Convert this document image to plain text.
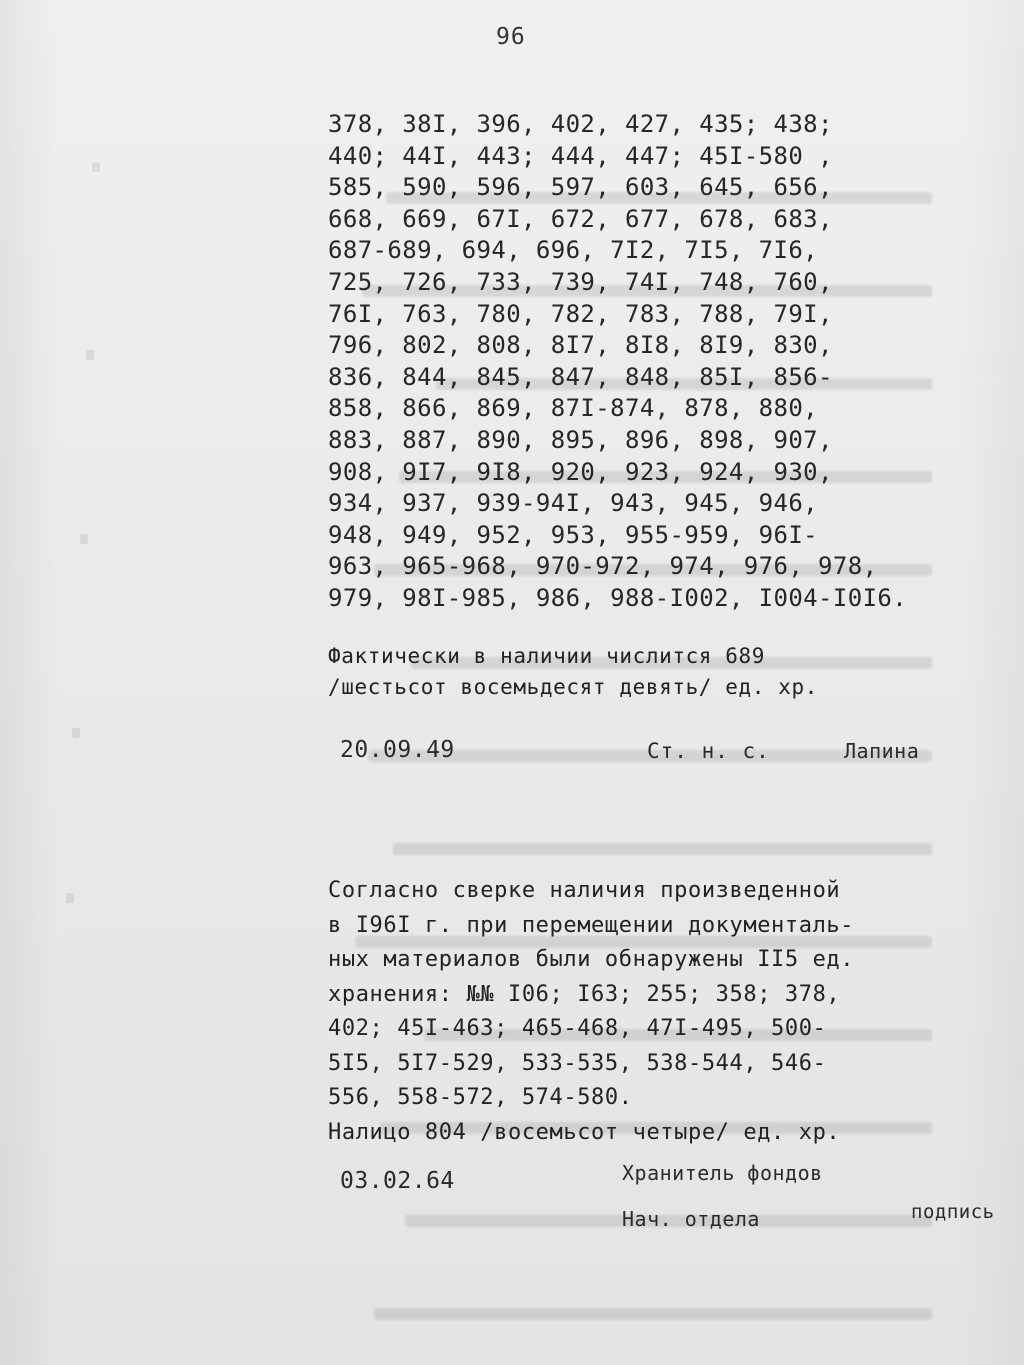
96
378, 38I, 396, 402, 427, 435; 438;
440; 44I, 443; 444, 447; 45I-580 ,
585, 590, 596, 597, 603, 645, 656,
668, 669, 67I, 672, 677, 678, 683,
687-689, 694, 696, 7I2, 7I5, 7I6,
725, 726, 733, 739, 74I, 748, 760,
76I, 763, 780, 782, 783, 788, 79I,
796, 802, 808, 8I7, 8I8, 8I9, 830,
836, 844, 845, 847, 848, 85I, 856-
858, 866, 869, 87I-874, 878, 880,
883, 887, 890, 895, 896, 898, 907,
908, 9I7, 9I8, 920, 923, 924, 930,
934, 937, 939-94I, 943, 945, 946,
948, 949, 952, 953, 955-959, 96I-
963, 965-968, 970-972, 974, 976, 978,
979, 98I-985, 986, 988-I002, I004-I0I6.
Фактически в наличии числится 689
/шестьсот восемьдесят девять/ ед. хр.
20.09.49	Ст. н. с.	Лапина
Согласно сверке наличия произведенной
в I96I г. при перемещении документаль-
ных материалов были обнаружены II5 ед.
хранения: №№ I06; I63; 255; 358; 378,
402; 45I-463; 465-468, 47I-495, 500-
5I5, 5I7-529, 533-535, 538-544, 546-
556, 558-572, 574-580.
Налицо 804 /восемьсот четыре/ ед. хр.
03.02.64	Хранитель фондов
Нач. отдела	подпись
